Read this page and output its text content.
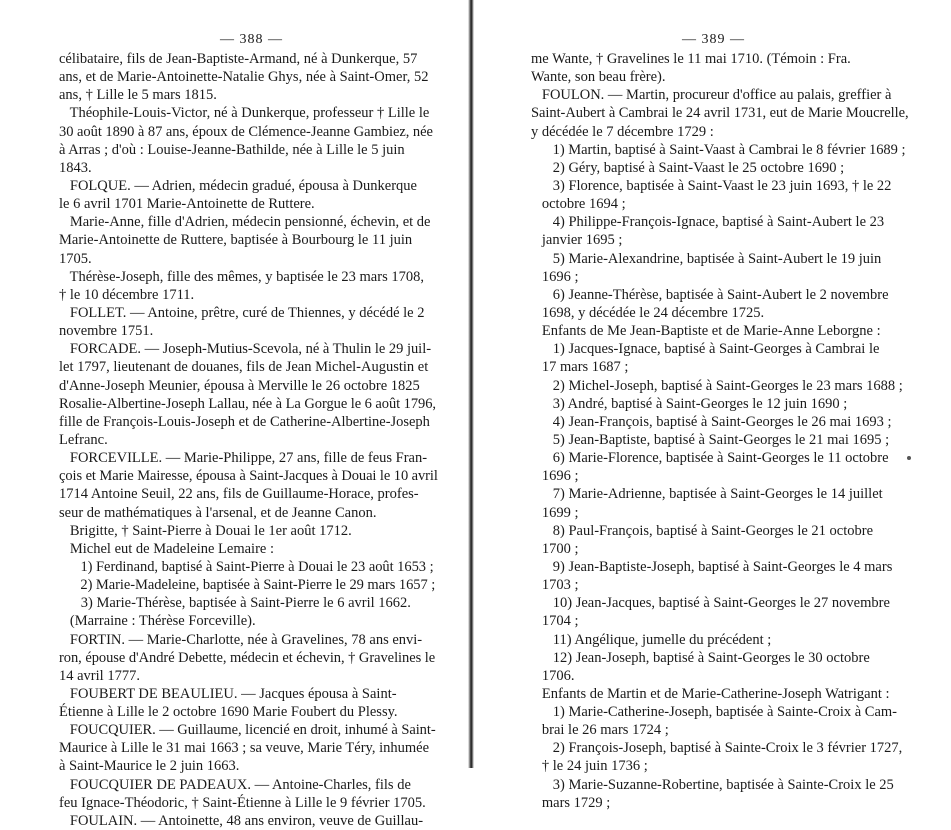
— 388 —
célibataire, fils de Jean-Baptiste-Armand, né à Dunkerque, 57
ans, et de Marie-Antoinette-Natalie Ghys, née à Saint-Omer, 52
ans, † Lille le 5 mars 1815.
Théophile-Louis-Victor, né à Dunkerque, professeur † Lille le
30 août 1890 à 87 ans, époux de Clémence-Jeanne Gambiez, née
à Arras ; d'où : Louise-Jeanne-Bathilde, née à Lille le 5 juin
1843.
FOLQUE. — Adrien, médecin gradué, épousa à Dunkerque
le 6 avril 1701 Marie-Antoinette de Ruttere.
Marie-Anne, fille d'Adrien, médecin pensionné, échevin, et de
Marie-Antoinette de Ruttere, baptisée à Bourbourg le 11 juin
1705.
Thérèse-Joseph, fille des mêmes, y baptisée le 23 mars 1708,
† le 10 décembre 1711.
FOLLET. — Antoine, prêtre, curé de Thiennes, y décédé le 2
novembre 1751.
FORCADE. — Joseph-Mutius-Scevola, né à Thulin le 29 juil-
let 1797, lieutenant de douanes, fils de Jean Michel-Augustin et
d'Anne-Joseph Meunier, épousa à Merville le 26 octobre 1825
Rosalie-Albertine-Joseph Lallau, née à La Gorgue le 6 août 1796,
fille de François-Louis-Joseph et de Catherine-Albertine-Joseph
Lefranc.
FORCEVILLE. — Marie-Philippe, 27 ans, fille de feus Fran-
çois et Marie Mairesse, épousa à Saint-Jacques à Douai le 10 avril
1714 Antoine Seuil, 22 ans, fils de Guillaume-Horace, profes-
seur de mathématiques à l'arsenal, et de Jeanne Canon.
Brigitte, † Saint-Pierre à Douai le 1er août 1712.
Michel eut de Madeleine Lemaire :
1) Ferdinand, baptisé à Saint-Pierre à Douai le 23 août 1653 ;
2) Marie-Madeleine, baptisée à Saint-Pierre le 29 mars 1657 ;
3) Marie-Thérèse, baptisée à Saint-Pierre le 6 avril 1662.
(Marraine : Thérèse Forceville).
FORTIN. — Marie-Charlotte, née à Gravelines, 78 ans envi-
ron, épouse d'André Debette, médecin et échevin, † Gravelines le
14 avril 1777.
FOUBERT DE BEAULIEU. — Jacques épousa à Saint-
Étienne à Lille le 2 octobre 1690 Marie Foubert du Plessy.
FOUCQUIER. — Guillaume, licencié en droit, inhumé à Saint-
Maurice à Lille le 31 mai 1663 ; sa veuve, Marie Téry, inhumée
à Saint-Maurice le 2 juin 1663.
FOUCQUIER DE PADEAUX. — Antoine-Charles, fils de
feu Ignace-Théodoric, † Saint-Étienne à Lille le 9 février 1705.
FOULAIN. — Antoinette, 48 ans environ, veuve de Guillau-
— 389 —
me Wante, † Gravelines le 11 mai 1710. (Témoin : Fra.
Wante, son beau frère).
FOULON. — Martin, procureur d'office au palais, greffier à
Saint-Aubert à Cambrai le 24 avril 1731, eut de Marie Moucrelle,
y décédée le 7 décembre 1729 :
1) Martin, baptisé à Saint-Vaast à Cambrai le 8 février 1689 ;
2) Géry, baptisé à Saint-Vaast le 25 octobre 1690 ;
3) Florence, baptisée à Saint-Vaast le 23 juin 1693, † le 22
octobre 1694 ;
4) Philippe-François-Ignace, baptisé à Saint-Aubert le 23
janvier 1695 ;
5) Marie-Alexandrine, baptisée à Saint-Aubert le 19 juin
1696 ;
6) Jeanne-Thérèse, baptisée à Saint-Aubert le 2 novembre
1698, y décédée le 24 décembre 1725.
Enfants de Me Jean-Baptiste et de Marie-Anne Leborgne :
1) Jacques-Ignace, baptisé à Saint-Georges à Cambrai le
17 mars 1687 ;
2) Michel-Joseph, baptisé à Saint-Georges le 23 mars 1688 ;
3) André, baptisé à Saint-Georges le 12 juin 1690 ;
4) Jean-François, baptisé à Saint-Georges le 26 mai 1693 ;
5) Jean-Baptiste, baptisé à Saint-Georges le 21 mai 1695 ;
6) Marie-Florence, baptisée à Saint-Georges le 11 octobre
1696 ;
7) Marie-Adrienne, baptisée à Saint-Georges le 14 juillet
1699 ;
8) Paul-François, baptisé à Saint-Georges le 21 octobre
1700 ;
9) Jean-Baptiste-Joseph, baptisé à Saint-Georges le 4 mars
1703 ;
10) Jean-Jacques, baptisé à Saint-Georges le 27 novembre
1704 ;
11) Angélique, jumelle du précédent ;
12) Jean-Joseph, baptisé à Saint-Georges le 30 octobre
1706.
Enfants de Martin et de Marie-Catherine-Joseph Watrigant :
1) Marie-Catherine-Joseph, baptisée à Sainte-Croix à Cam-
brai le 26 mars 1724 ;
2) François-Joseph, baptisé à Sainte-Croix le 3 février 1727,
† le 24 juin 1736 ;
3) Marie-Suzanne-Robertine, baptisée à Sainte-Croix le 25
mars 1729 ;
